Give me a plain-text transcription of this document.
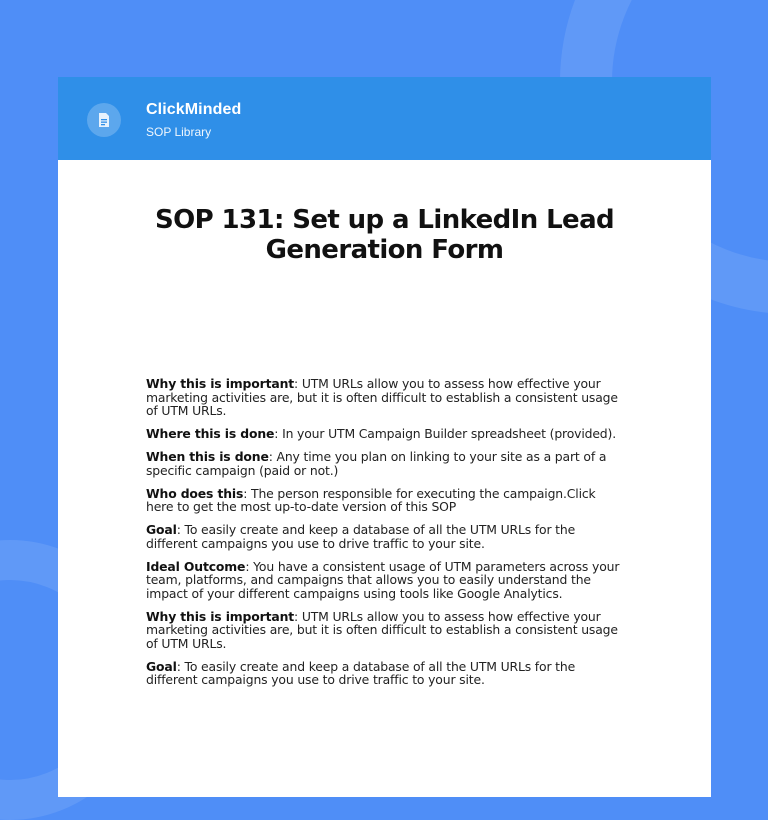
ClickMinded
SOP Library
SOP 131: Set up a LinkedIn Lead Generation Form

Why this is important: UTM URLs allow you to assess how effective your marketing activities are, but it is often difficult to establish a consistent usage of UTM URLs.

Where this is done: In your UTM Campaign Builder spreadsheet (provided).

When this is done: Any time you plan on linking to your site as a part of a specific campaign (paid or not.)

Who does this: The person responsible for executing the campaign.Click here to get the most up-to-date version of this SOP

Goal: To easily create and keep a database of all the UTM URLs for the different campaigns you use to drive traffic to your site.

Ideal Outcome: You have a consistent usage of UTM parameters across your team, platforms, and campaigns that allows you to easily understand the impact of your different campaigns using tools like Google Analytics.

Why this is important: UTM URLs allow you to assess how effective your marketing activities are, but it is often difficult to establish a consistent usage of UTM URLs.

Goal: To easily create and keep a database of all the UTM URLs for the different campaigns you use to drive traffic to your site.
